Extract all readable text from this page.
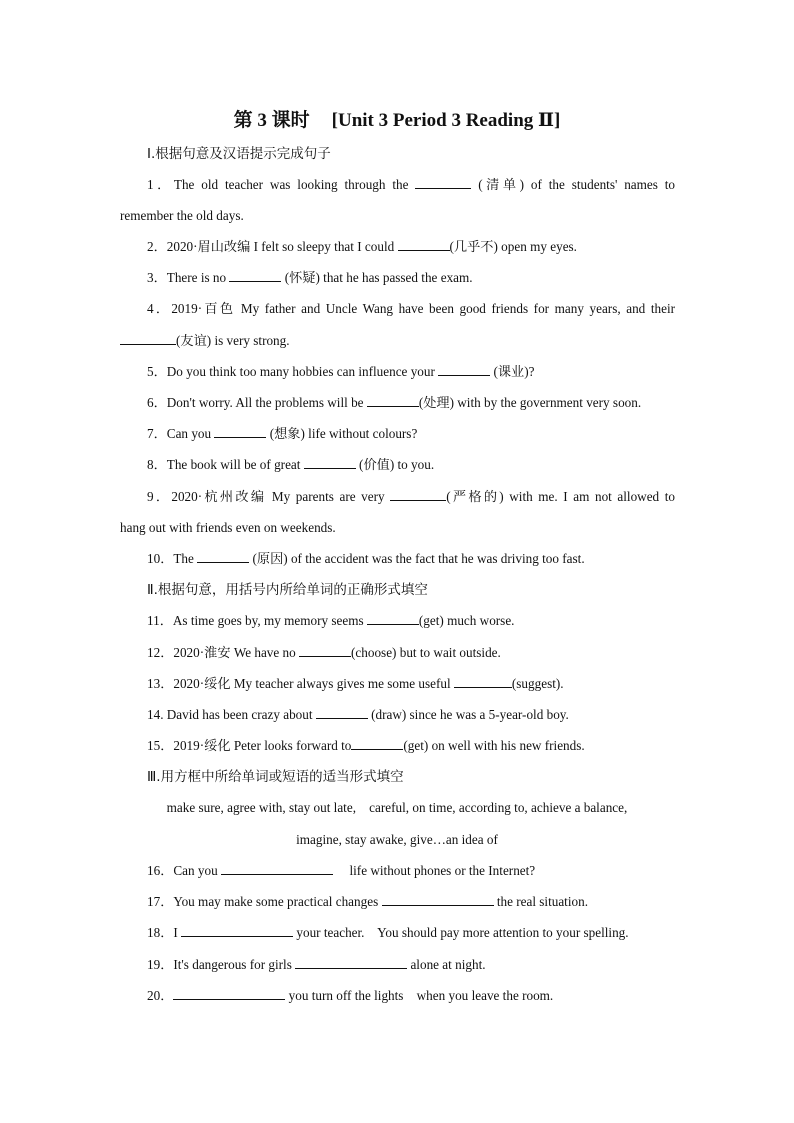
第 3 课时 [Unit 3 Period 3 Reading Ⅱ]
Ⅰ.根据句意及汉语提示完成句子
1．The old teacher was looking through the	(清单) of the students' names to
remember the old days.
2．2020·眉山改编 I felt so sleepy that I could	(几乎不) open my eyes.
3．There is no	(怀疑) that he has passed the exam.
4．2019·百色 My father and Uncle Wang have been good friends for many years, and their
(友谊) is very strong.
5．Do you think too many hobbies can influence your	(课业)?
6．Don't worry. All the problems will be	(处理) with by the government very soon.
7．Can you	(想象) life without colours?
8．The book will be of great	(价值) to you.
9．2020·杭州改编 My parents are very	(严格的) with me. I am not allowed to
hang out with friends even on weekends.
10．The	(原因) of the accident was the fact that he was driving too fast.
Ⅱ.根据句意，用括号内所给单词的正确形式填空
11．As time goes by, my memory seems	(get) much worse.
12．2020·淮安 We have no	(choose) but to wait outside.
13．2020·绥化 My teacher always gives me some useful	(suggest).
14. David has been crazy about	(draw) since he was a 5-year-old boy.
15．2019·绥化 Peter looks forward to	(get) on well with his new friends.
Ⅲ.用方框中所给单词或短语的适当形式填空
make sure, agree with, stay out late,    careful, on time, according to, achieve a balance,
imagine, stay awake, give…an idea of
16．Can you	life without phones or the Internet?
17．You may make some practical changes	the real situation.
18．I	your teacher.    You should pay more attention to your spelling.
19．It's dangerous for girls	alone at night.
20．	you turn off the lights    when you leave the room.
